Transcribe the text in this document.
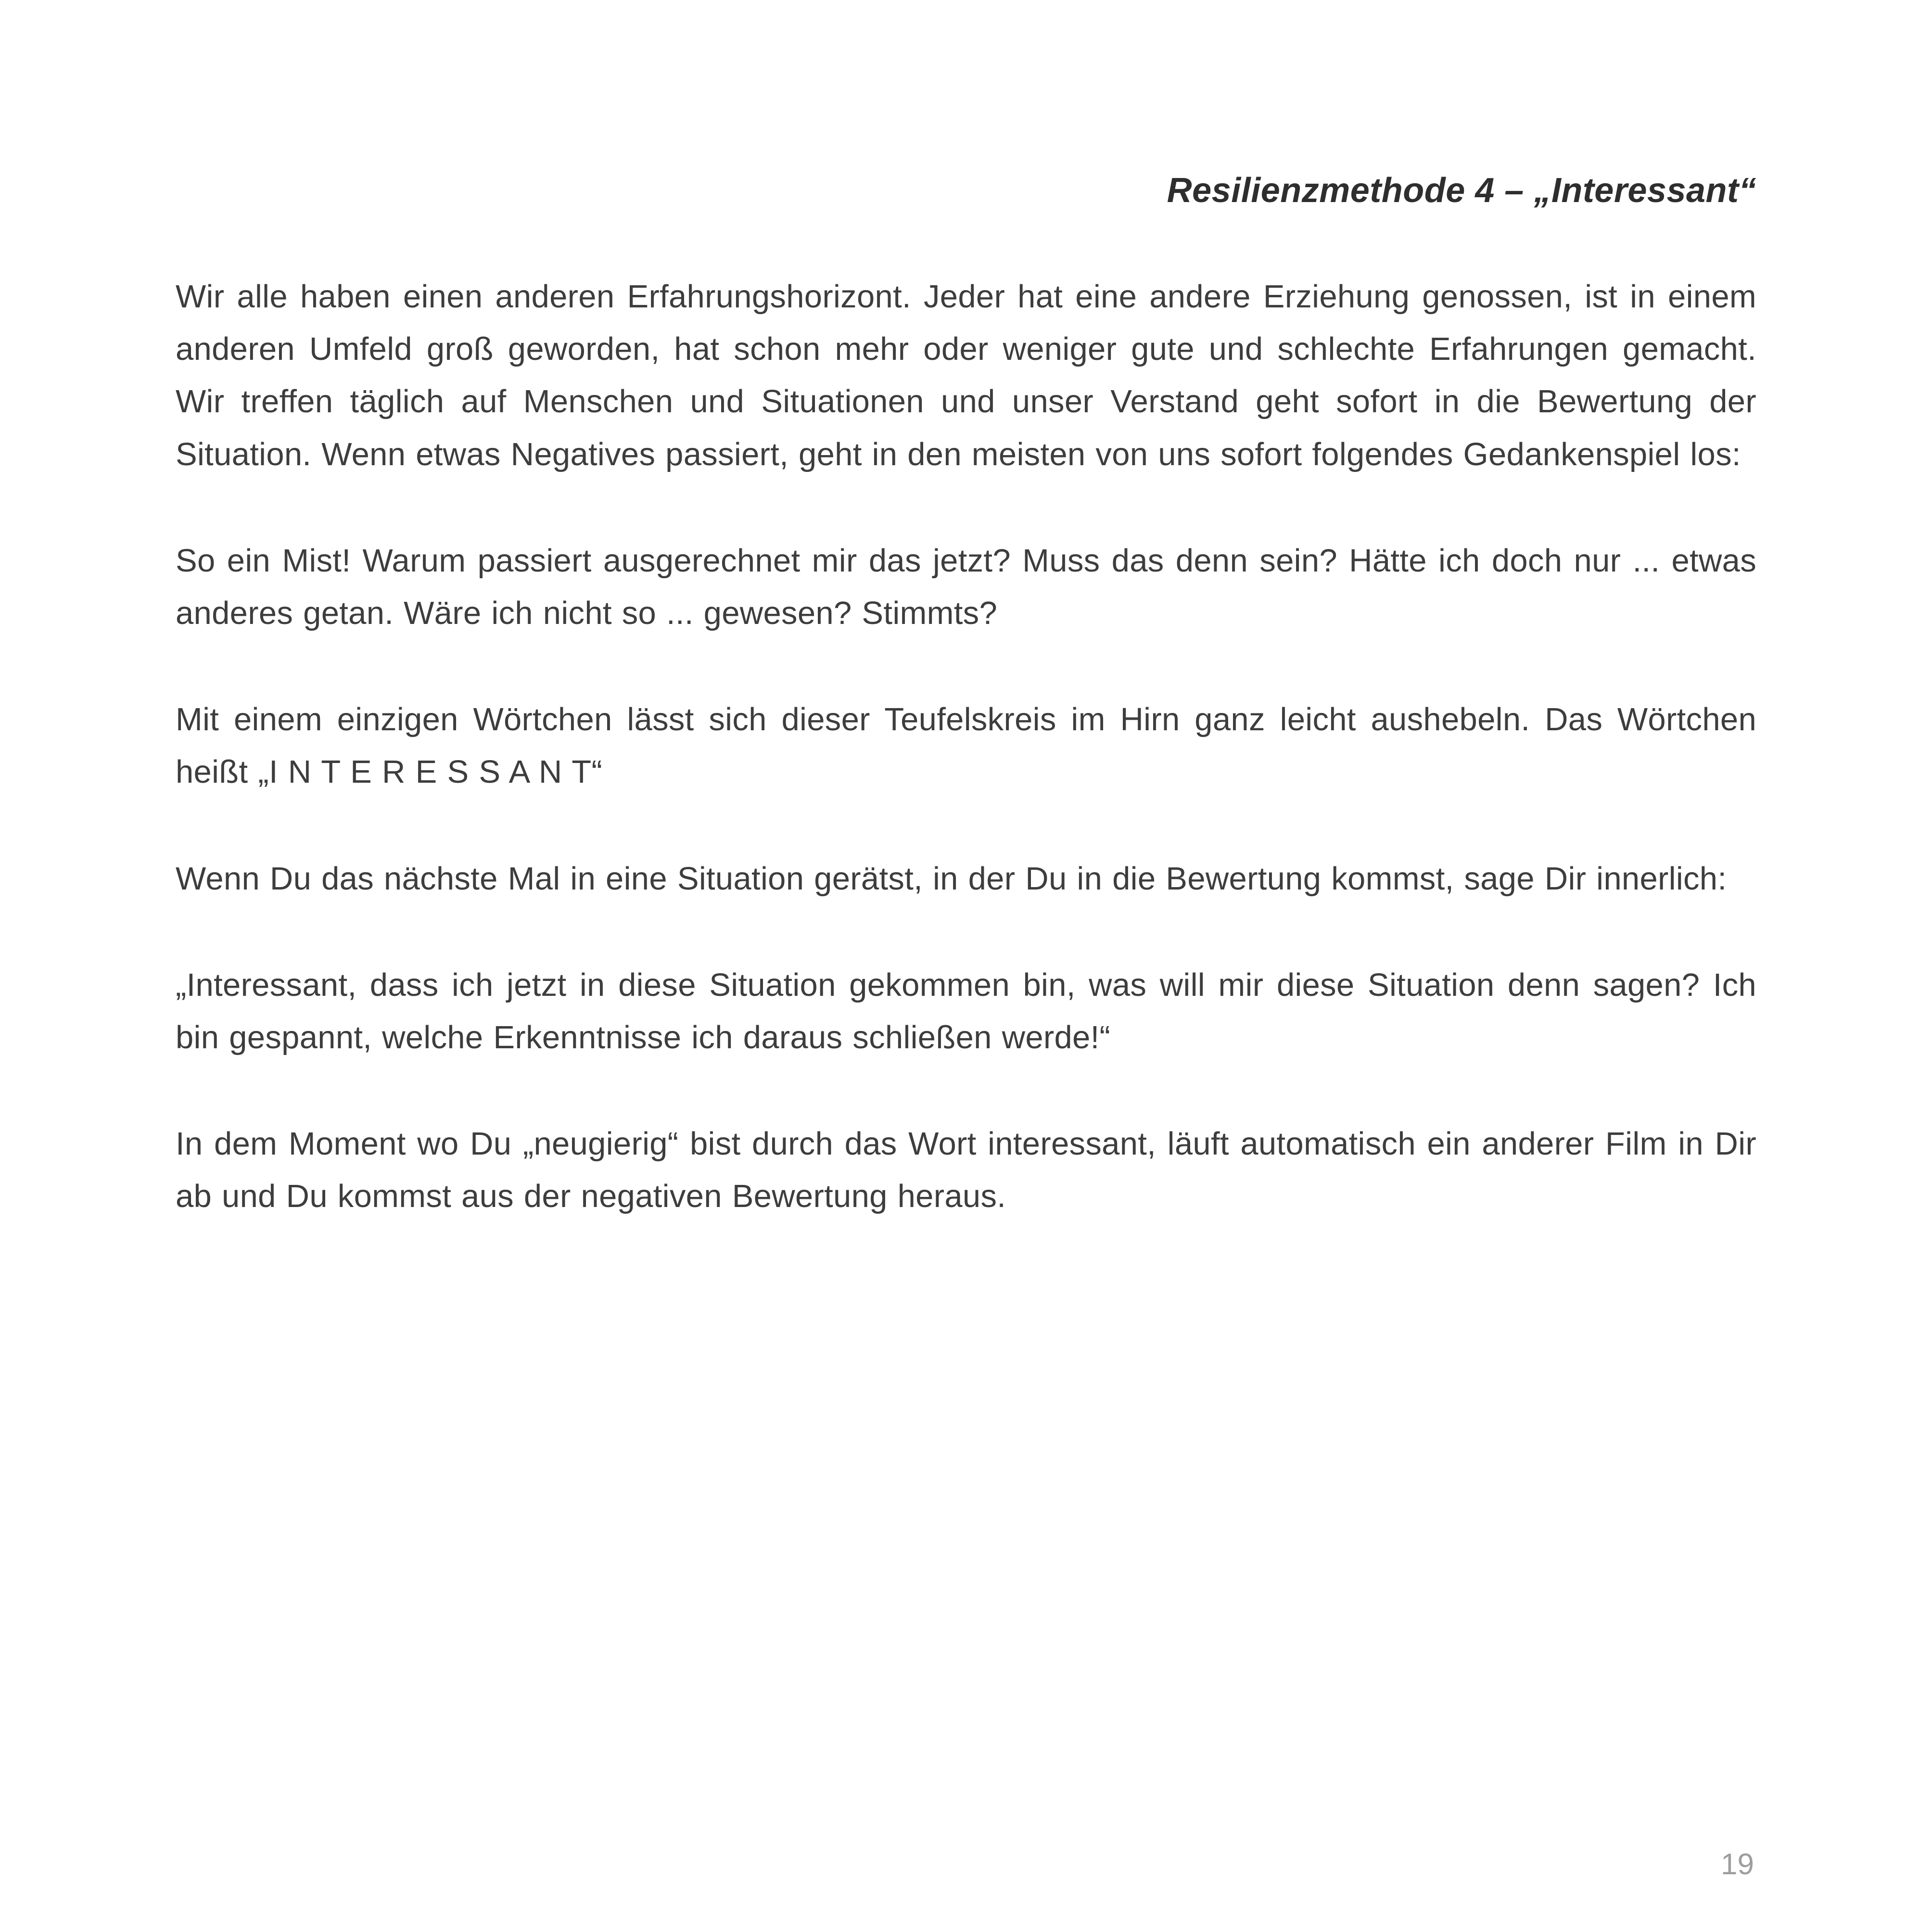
Resilienzmethode 4 – „Interessant“

Wir alle haben einen anderen Erfahrungshorizont. Jeder hat eine andere Erziehung genossen, ist in einem anderen Umfeld groß geworden, hat schon mehr oder weniger gute und schlechte Erfahrungen gemacht. Wir treffen täglich auf Menschen und Situationen und unser Verstand geht sofort in die Bewertung der Situation. Wenn etwas Negatives passiert, geht in den meisten von uns sofort folgendes Gedankenspiel los:

So ein Mist! Warum passiert ausgerechnet mir das jetzt? Muss das denn sein? Hätte ich doch nur ... etwas anderes getan. Wäre ich nicht so ... gewesen? Stimmts?

Mit einem einzigen Wörtchen lässt sich dieser Teufelskreis im Hirn ganz leicht aushebeln. Das Wörtchen heißt „I N T E R E S S A N T“

Wenn Du das nächste Mal in eine Situation gerätst, in der Du in die Bewertung kommst, sage Dir innerlich:

„Interessant, dass ich jetzt in diese Situation gekommen bin, was will mir diese Situation denn sagen? Ich bin gespannt, welche Erkenntnisse ich daraus schließen werde!“

In dem Moment wo Du „neugierig“ bist durch das Wort interessant, läuft automatisch ein anderer Film in Dir ab und Du kommst aus der negativen Bewertung heraus.

19
